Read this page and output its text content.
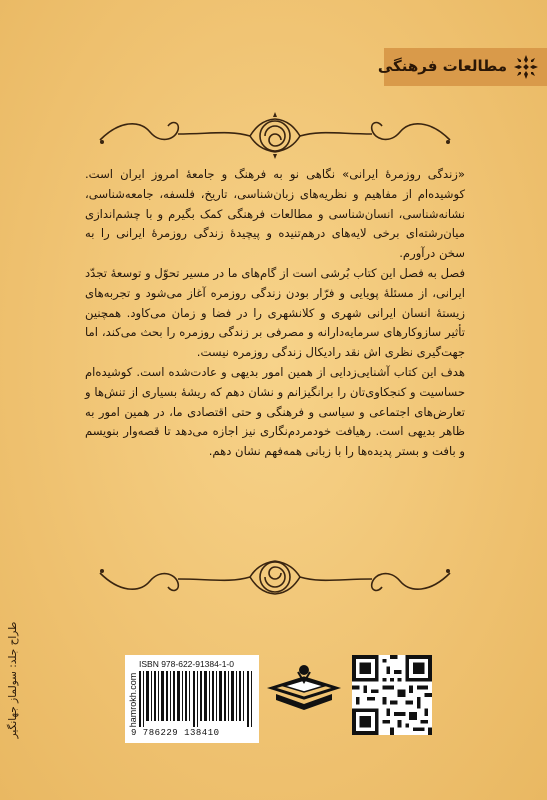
مطالعات فرهنگی

«زندگی روزمرهٔ ایرانی» نگاهی نو به فرهنگ و جامعهٔ امروز ایران است. کوشیده‌ام از مفاهیم و نظریه‌های زبان‌شناسی، تاریخ، فلسفه، جامعه‌شناسی، نشانه‌شناسی، انسان‌شناسی و مطالعات فرهنگی کمک بگیرم و با چشم‌اندازی میان‌رشته‌ای برخی لایه‌های درهم‌تنیده و پیچیدهٔ زندگی روزمرهٔ ایرانی را به سخن درآورم.

فصل به فصل این کتاب بُرشی است از گام‌های ما در مسیر تحوّل و توسعهٔ تجدّد ایرانی، از مسئلهٔ پویایی و فرّار بودن زندگی روزمره آغاز می‌شود و تجربه‌های زیستهٔ انسان ایرانی شهری و کلانشهری را در فضا و زمان می‌کاود. همچنین تأثیر سازوکارهای سرمایه‌دارانه و مصرفی بر زندگی روزمره را بحث می‌کند، اما جهت‌گیری نظری اش نقد رادیکال زندگی روزمره نیست.

هدف این کتاب آشنایی‌زدایی از همین امور بدیهی و عادت‌شده است. کوشیده‌ام حساسیت و کنجکاوی‌تان را برانگیزانم و نشان دهم که ریشهٔ بسیاری از تنش‌ها و تعارض‌های اجتماعی و سیاسی و فرهنگی و حتی اقتصادی ما، در همین امور به ظاهر بدیهی است. رهیافت خودمردم‌نگاری نیز اجازه می‌دهد تا قصه‌وار بنویسم و بافت و بستر پدیده‌ها را با زبانی همه‌فهم نشان دهم.

طراح جلد: سولماز جهانگیر	ISBN 978-622-91384-1-0
9 786229 138410
hamrokh.com
